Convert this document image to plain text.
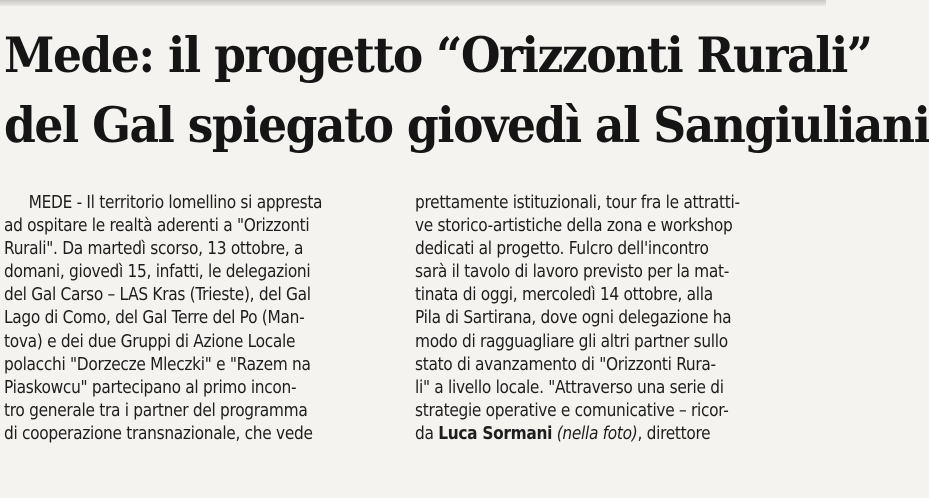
Mede: il progetto “Orizzonti Rurali”
del Gal spiegato giovedì al Sangiuliani
MEDE - Il territorio lomellino si appresta
ad ospitare le realtà aderenti a "Orizzonti
Rurali". Da martedì scorso, 13 ottobre, a
domani, giovedì 15, infatti, le delegazioni
del Gal Carso – LAS Kras (Trieste), del Gal
Lago di Como, del Gal Terre del Po (Man-
tova) e dei due Gruppi di Azione Locale
polacchi "Dorzecze Mleczki" e "Razem na
Piaskowcu" partecipano al primo incon-
tro generale tra i partner del programma
di cooperazione transnazionale, che vede
prettamente istituzionali, tour fra le attratti-
ve storico-artistiche della zona e workshop
dedicati al progetto. Fulcro dell'incontro
sarà il tavolo di lavoro previsto per la mat-
tinata di oggi, mercoledì 14 ottobre, alla
Pila di Sartirana, dove ogni delegazione ha
modo di ragguagliare gli altri partner sullo
stato di avanzamento di "Orizzonti Rura-
li" a livello locale. "Attraverso una serie di
strategie operative e comunicative – ricor-
da Luca Sormani (nella foto), direttore
